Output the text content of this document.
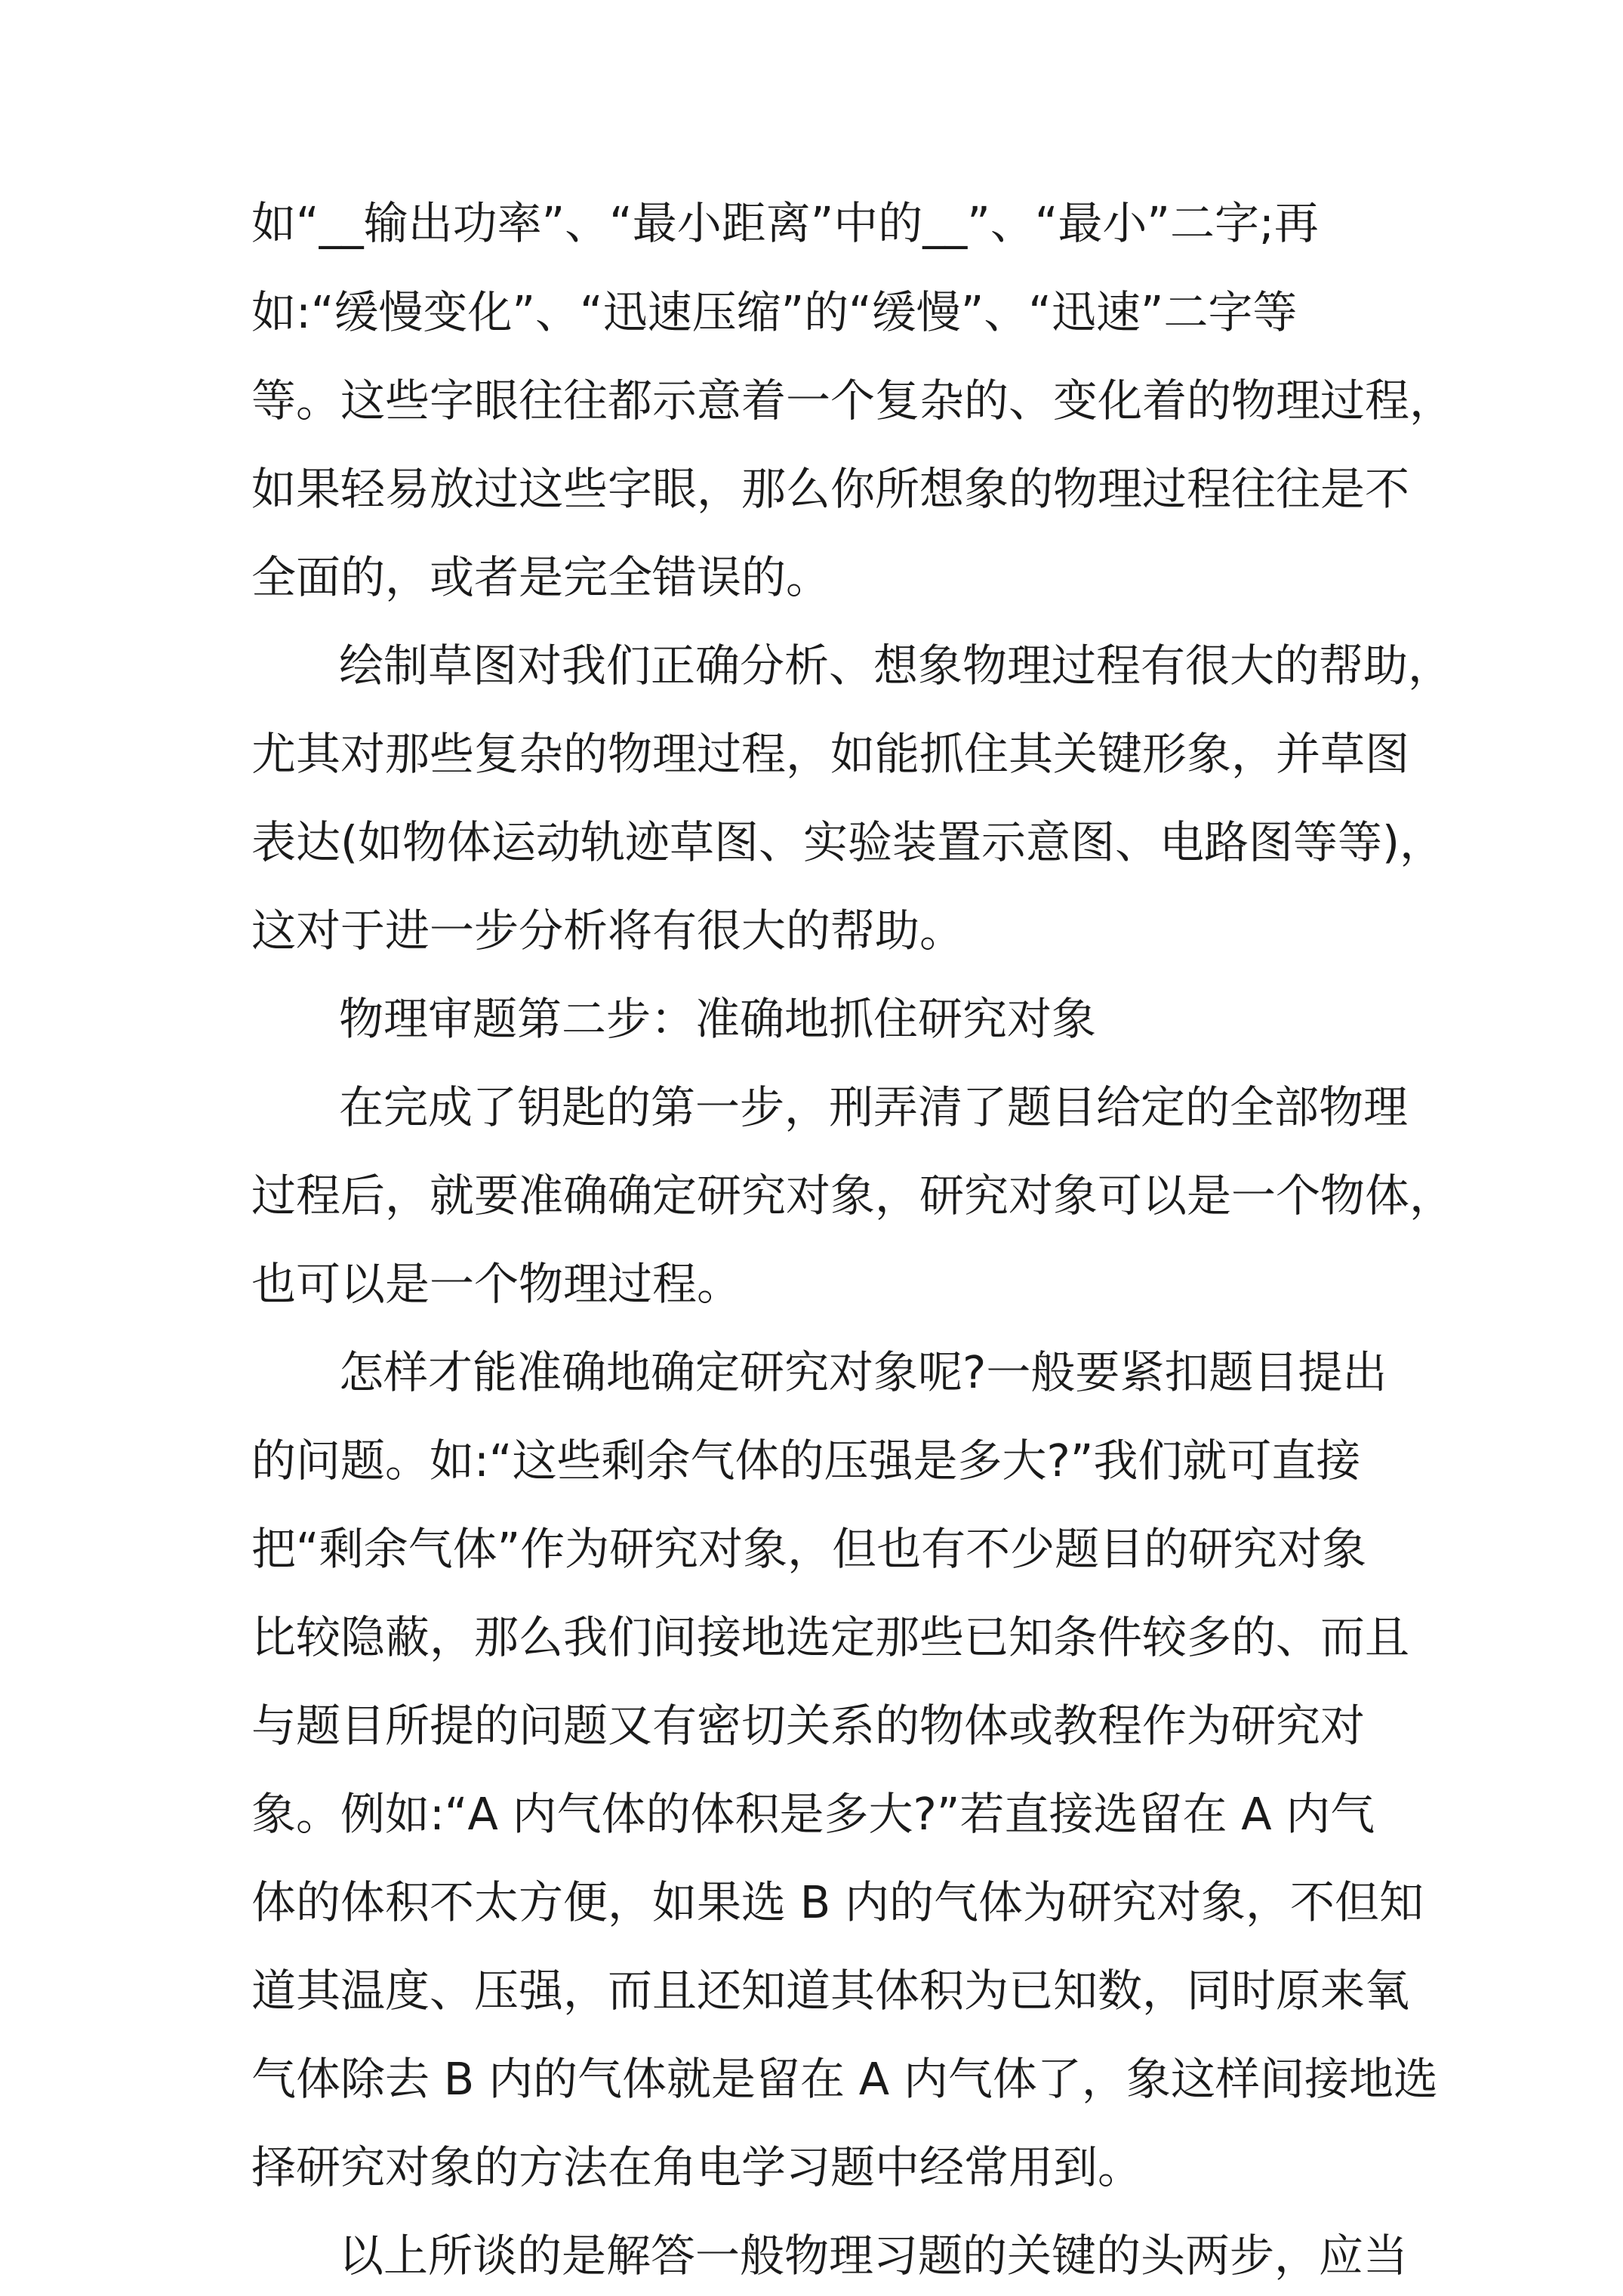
如“__输出功率”、“最小距离”中的__”、“最小”二字;再
如:“缓慢变化”、“迅速压缩”的“缓慢”、“迅速”二字等
等。这些字眼往往都示意着一个复杂的、变化着的物理过程，
如果轻易放过这些字眼，那么你所想象的物理过程往往是不
全面的，或者是完全错误的。
绘制草图对我们正确分析、想象物理过程有很大的帮助，
尤其对那些复杂的物理过程，如能抓住其关键形象，并草图
表达(如物体运动轨迹草图、实验装置示意图、电路图等等)，
这对于进一步分析将有很大的帮助。
物理审题第二步：准确地抓住研究对象
在完成了钥匙的第一步，刑弄清了题目给定的全部物理
过程后，就要准确确定研究对象，研究对象可以是一个物体，
也可以是一个物理过程。
怎样才能准确地确定研究对象呢?一般要紧扣题目提出
的问题。如:“这些剩余气体的压强是多大?”我们就可直接
把“剩余气体”作为研究对象，但也有不少题目的研究对象
比较隐蔽，那么我们间接地选定那些已知条件较多的、而且
与题目所提的问题又有密切关系的物体或教程作为研究对
象。例如:“A 内气体的体积是多大?”若直接选留在 A 内气
体的体积不太方便，如果选 B 内的气体为研究对象，不但知
道其温度、压强，而且还知道其体积为已知数，同时原来氧
气体除去 B 内的气体就是留在 A 内气体了，象这样间接地选
择研究对象的方法在角电学习题中经常用到。
以上所谈的是解答一般物理习题的关键的头两步，应当
